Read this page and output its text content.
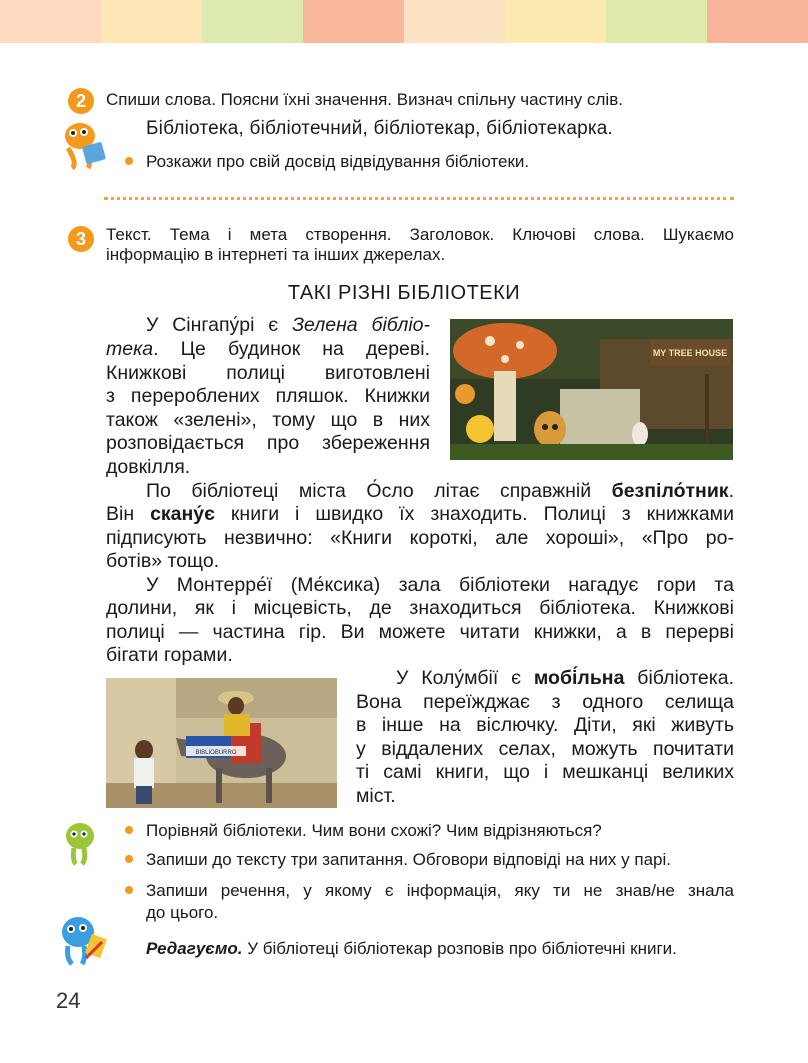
2	Спиши слова. Поясни їхні значення. Визнач спільну частину слів.
Бібліотека, бібліотечний, бібліотекар, бібліотекарка.
Розкажи про свій досвід відвідування бібліотеки.
3	Текст. Тема і мета створення. Заголовок. Ключові слова. Шукаємо
інформацію в інтернеті та інших джерелах.
ТАКІ РІЗНІ БІБЛІОТЕКИ
У Сінгапу́рі є Зелена бібліо-
тека. Це будинок на дереві.
Книжкові полиці виготовлені
з перероблених пляшок. Книжки
також «зелені», тому що в них
розповідається про збереження
довкілля.
MY TREE HOUSE
По бібліотеці міста О́сло літає справжній безпіло́тник.
Він скану́є книги і швидко їх знаходить. Полиці з книжками
підписують незвично: «Книги короткі, але хороші», «Про ро-
ботів» тощо.
У Монтерре́ї (Ме́ксика) зала бібліотеки нагадує гори та
долини, як і місцевість, де знаходиться бібліотека. Книжкові
полиці — частина гір. Ви можете читати книжки, а в перерві
бігати горами.
BIBLIOBURRO
У Колу́мбії є мобі́льна бібліотека.
Вона переїжджає з одного селища
в інше на віслючку. Діти, які живуть
у віддалених селах, можуть почитати
ті самі книги, що і мешканці великих
міст.
Порівняй бібліотеки. Чим вони схожі? Чим відрізняються?
Запиши до тексту три запитання. Обговори відповіді на них у парі.
Запиши речення, у якому є інформація, яку ти не знав/не знала
до цього.
Редагуємо. У бібліотеці бібліотекар розповів про бібліотечні книги.
24
